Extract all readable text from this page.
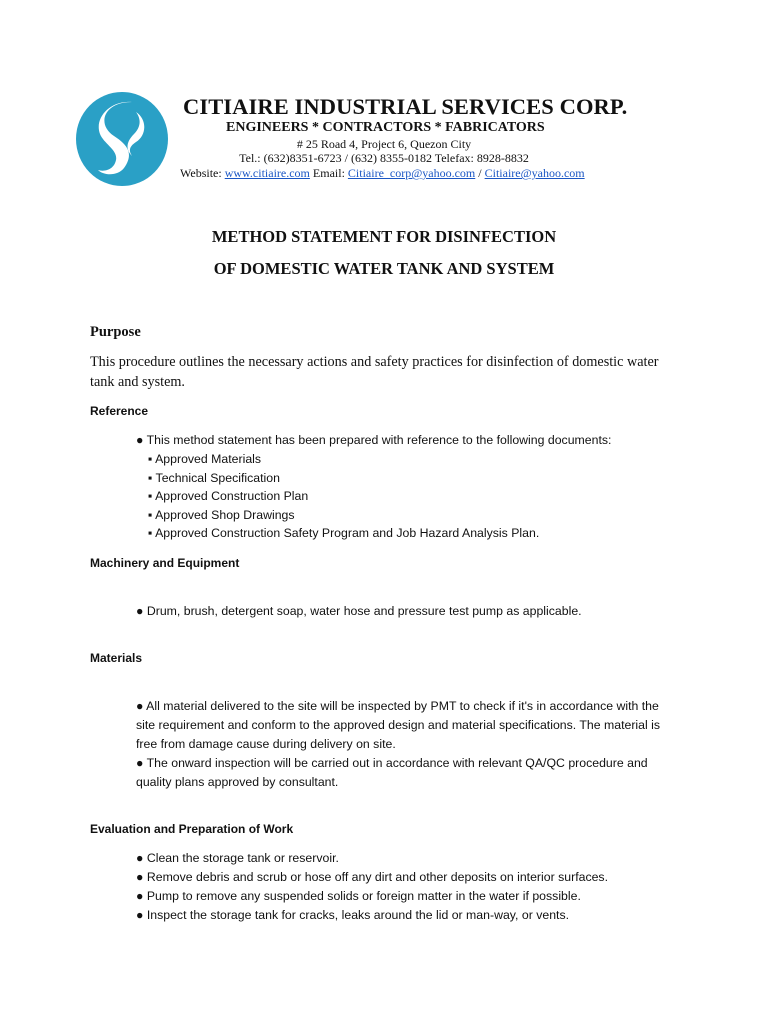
CITIAIRE INDUSTRIAL SERVICES CORP.
ENGINEERS * CONTRACTORS * FABRICATORS
# 25 Road 4, Project 6, Quezon City
Tel.: (632)8351-6723 / (632) 8355-0182 Telefax: 8928-8832
Website: www.citiaire.com Email: Citiaire_corp@yahoo.com / Citiaire@yahoo.com
METHOD STATEMENT FOR DISINFECTION
OF DOMESTIC WATER TANK AND SYSTEM
Purpose
This procedure outlines the necessary actions and safety practices for disinfection of domestic water tank and system.
Reference
● This method statement has been prepared with reference to the following documents:
▪ Approved Materials
▪ Technical Specification
▪ Approved Construction Plan
▪ Approved Shop Drawings
▪ Approved Construction Safety Program and Job Hazard Analysis Plan.
Machinery and Equipment
● Drum, brush, detergent soap, water hose and pressure test pump as applicable.
Materials
● All material delivered to the site will be inspected by PMT to check if it's in accordance with the site requirement and conform to the approved design and material specifications. The material is free from damage cause during delivery on site.
● The onward inspection will be carried out in accordance with relevant QA/QC procedure and quality plans approved by consultant.
Evaluation and Preparation of Work
● Clean the storage tank or reservoir.
● Remove debris and scrub or hose off any dirt and other deposits on interior surfaces.
● Pump to remove any suspended solids or foreign matter in the water if possible.
● Inspect the storage tank for cracks, leaks around the lid or man-way, or vents.
